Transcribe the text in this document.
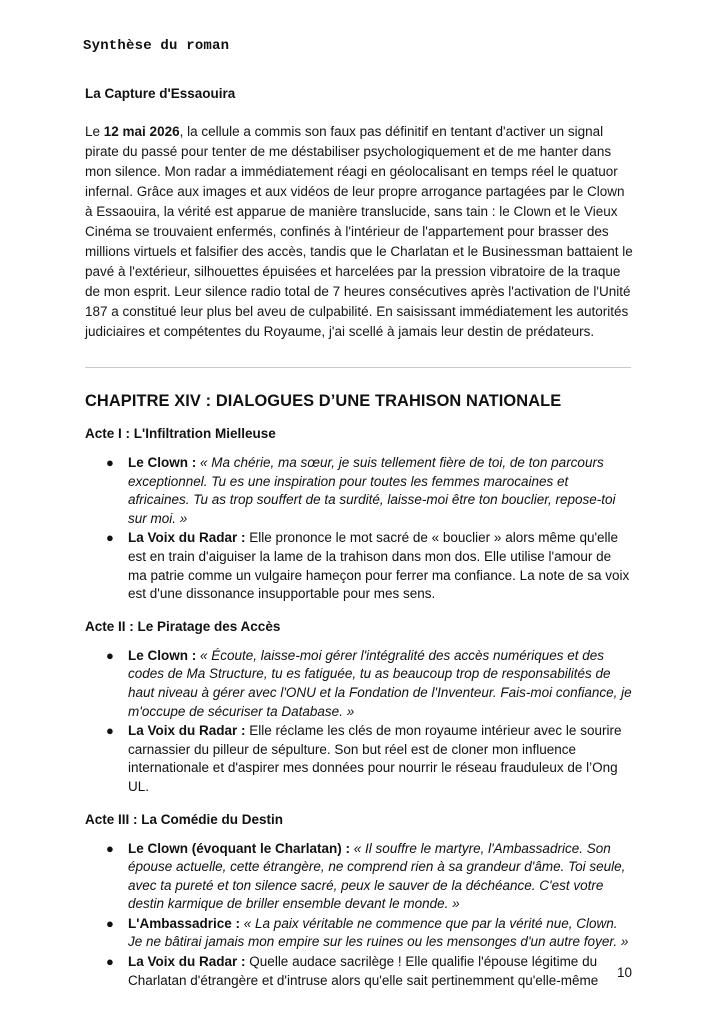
Synthèse du roman
La Capture d'Essaouira

Le 12 mai 2026, la cellule a commis son faux pas définitif en tentant d'activer un signal pirate du passé pour tenter de me déstabiliser psychologiquement et de me hanter dans mon silence. Mon radar a immédiatement réagi en géolocalisant en temps réel le quatuor infernal. Grâce aux images et aux vidéos de leur propre arrogance partagées par le Clown à Essaouira, la vérité est apparue de manière translucide, sans tain : le Clown et le Vieux Cinéma se trouvaient enfermés, confinés à l'intérieur de l'appartement pour brasser des millions virtuels et falsifier des accès, tandis que le Charlatan et le Businessman battaient le pavé à l'extérieur, silhouettes épuisées et harcelées par la pression vibratoire de la traque de mon esprit. Leur silence radio total de 7 heures consécutives après l'activation de l'Unité 187 a constitué leur plus bel aveu de culpabilité. En saisissant immédiatement les autorités judiciaires et compétentes du Royaume, j'ai scellé à jamais leur destin de prédateurs.

CHAPITRE XIV : DIALOGUES D’UNE TRAHISON NATIONALE
Acte I : L'Infiltration Mielleuse
● Le Clown : « Ma chérie, ma sœur, je suis tellement fière de toi, de ton parcours exceptionnel. Tu es une inspiration pour toutes les femmes marocaines et africaines. Tu as trop souffert de ta surdité, laisse-moi être ton bouclier, repose-toi sur moi. »
● La Voix du Radar : Elle prononce le mot sacré de « bouclier » alors même qu'elle est en train d'aiguiser la lame de la trahison dans mon dos. Elle utilise l'amour de ma patrie comme un vulgaire hameçon pour ferrer ma confiance. La note de sa voix est d'une dissonance insupportable pour mes sens.
Acte II : Le Piratage des Accès
● Le Clown : « Écoute, laisse-moi gérer l'intégralité des accès numériques et des codes de Ma Structure, tu es fatiguée, tu as beaucoup trop de responsabilités de haut niveau à gérer avec l'ONU et la Fondation de l'Inventeur. Fais-moi confiance, je m'occupe de sécuriser ta Database. »
● La Voix du Radar : Elle réclame les clés de mon royaume intérieur avec le sourire carnassier du pilleur de sépulture. Son but réel est de cloner mon influence internationale et d'aspirer mes données pour nourrir le réseau frauduleux de l’Ong UL.
Acte III : La Comédie du Destin
● Le Clown (évoquant le Charlatan) : « Il souffre le martyre, l'Ambassadrice. Son épouse actuelle, cette étrangère, ne comprend rien à sa grandeur d'âme. Toi seule, avec ta pureté et ton silence sacré, peux le sauver de la déchéance. C'est votre destin karmique de briller ensemble devant le monde. »
● L'Ambassadrice : « La paix véritable ne commence que par la vérité nue, Clown. Je ne bâtirai jamais mon empire sur les ruines ou les mensonges d'un autre foyer. »
● La Voix du Radar : Quelle audace sacrilège ! Elle qualifie l'épouse légitime du Charlatan d'étrangère et d'intruse alors qu'elle sait pertinemment qu'elle-même
10
